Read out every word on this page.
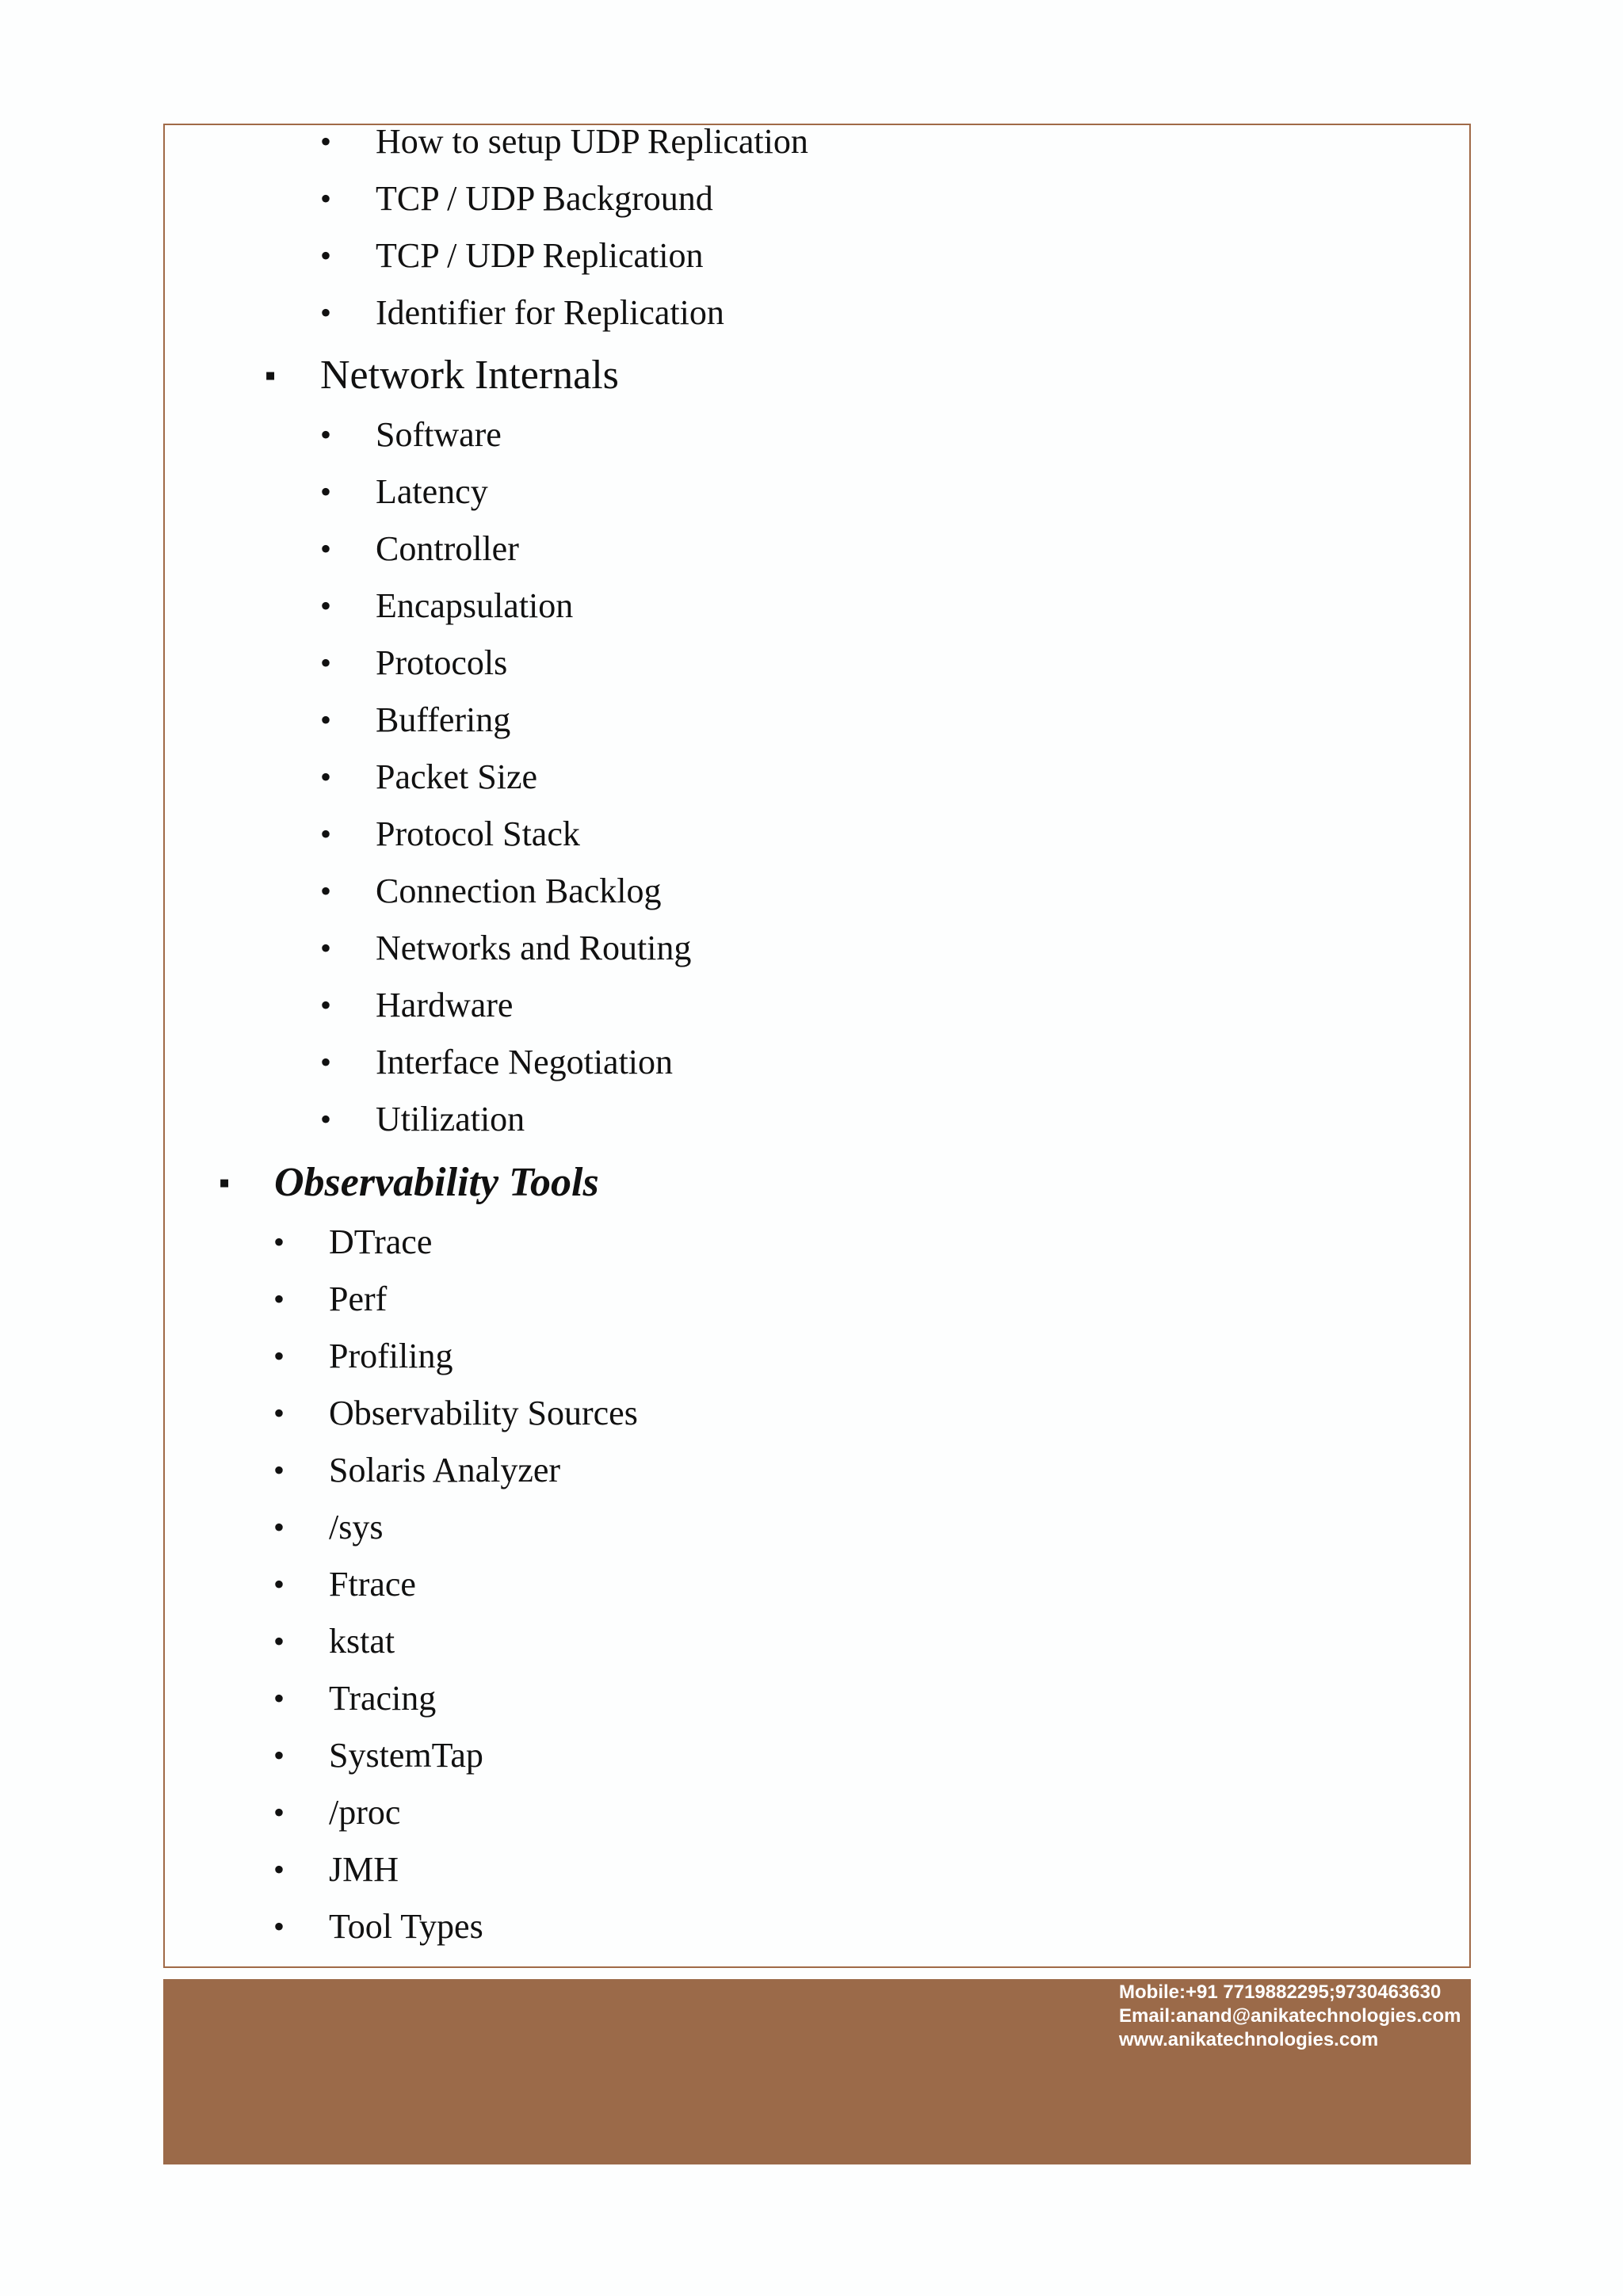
• How to setup UDP Replication
• TCP / UDP Background
• TCP / UDP Replication
• Identifier for Replication
▪ Network Internals
• Software
• Latency
• Controller
• Encapsulation
• Protocols
• Buffering
• Packet Size
• Protocol Stack
• Connection Backlog
• Networks and Routing
• Hardware
• Interface Negotiation
• Utilization
▪ Observability Tools
• DTrace
• Perf
• Profiling
• Observability Sources
• Solaris Analyzer
• /sys
• Ftrace
• kstat
• Tracing
• SystemTap
• /proc
• JMH
• Tool Types
Mobile:+91 7719882295;9730463630
Email:anand@anikatechnologies.com
www.anikatechnologies.com
